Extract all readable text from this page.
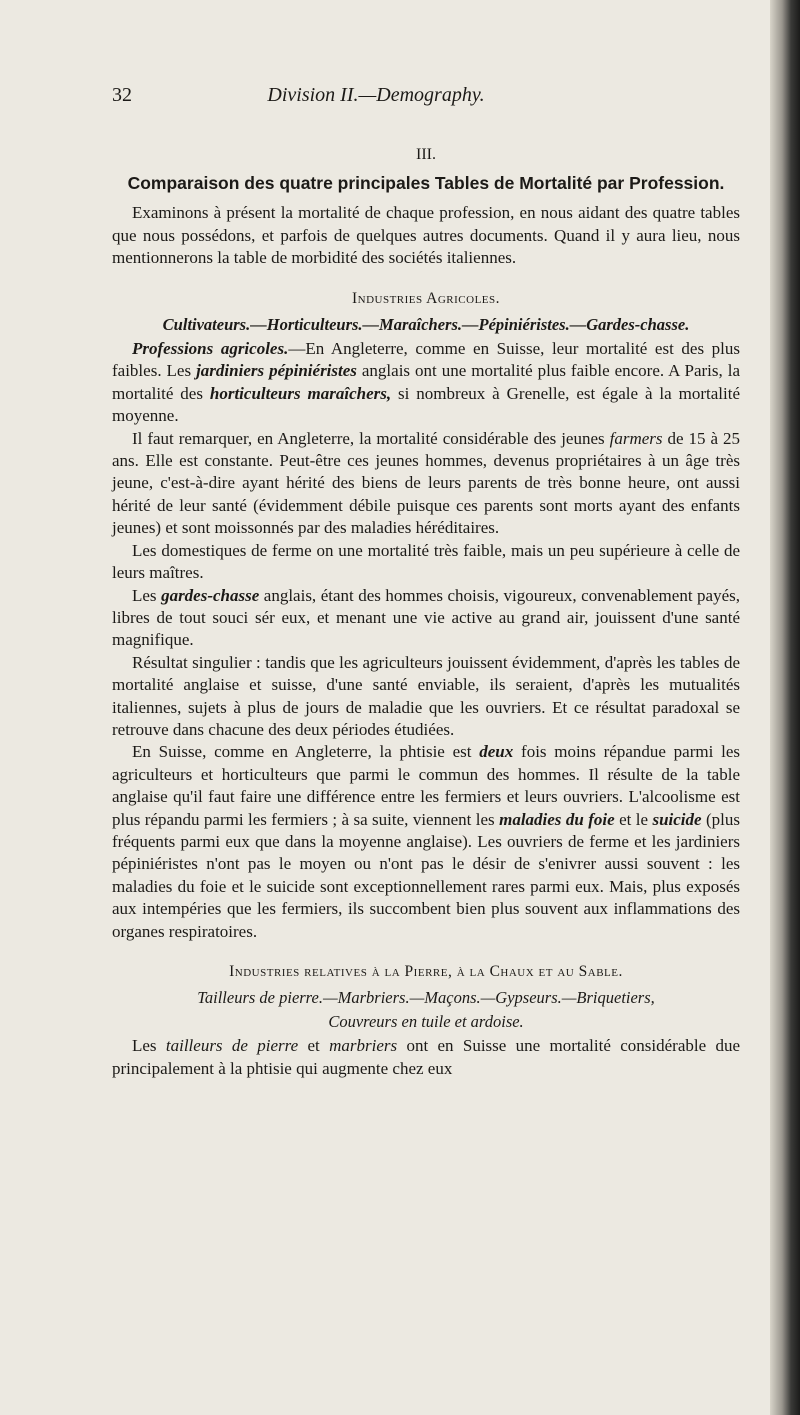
32	Division II.—Demography.
III.
Comparaison des quatre principales Tables de Mortalité par Profession.

Examinons à présent la mortalité de chaque profession, en nous aidant des quatre tables que nous possédons, et parfois de quelques autres documents. Quand il y aura lieu, nous mentionnerons la table de morbidité des sociétés italiennes.

Industries Agricoles.
Cultivateurs.—Horticulteurs.—Maraîchers.—Pépiniéristes.—Gardes-chasse.

Professions agricoles.—En Angleterre, comme en Suisse, leur mortalité est des plus faibles. Les jardiniers pépiniéristes anglais ont une mortalité plus faible encore. A Paris, la mortalité des horticulteurs maraîchers, si nombreux à Grenelle, est égale à la mortalité moyenne.

Il faut remarquer, en Angleterre, la mortalité considérable des jeunes farmers de 15 à 25 ans. Elle est constante. Peut-être ces jeunes hommes, devenus propriétaires à un âge très jeune, c'est-à-dire ayant hérité des biens de leurs parents de très bonne heure, ont aussi hérité de leur santé (évidemment débile puisque ces parents sont morts ayant des enfants jeunes) et sont moissonnés par des maladies héréditaires.

Les domestiques de ferme on une mortalité très faible, mais un peu supérieure à celle de leurs maîtres.

Les gardes-chasse anglais, étant des hommes choisis, vigoureux, convenablement payés, libres de tout souci sér eux, et menant une vie active au grand air, jouissent d'une santé magnifique.

Résultat singulier : tandis que les agriculteurs jouissent évidemment, d'après les tables de mortalité anglaise et suisse, d'une santé enviable, ils seraient, d'après les mutualités italiennes, sujets à plus de jours de maladie que les ouvriers. Et ce résultat paradoxal se retrouve dans chacune des deux périodes étudiées.

En Suisse, comme en Angleterre, la phtisie est deux fois moins répandue parmi les agriculteurs et horticulteurs que parmi le commun des hommes. Il résulte de la table anglaise qu'il faut faire une différence entre les fermiers et leurs ouvriers. L'alcoolisme est plus répandu parmi les fermiers ; à sa suite, viennent les maladies du foie et le suicide (plus fréquents parmi eux que dans la moyenne anglaise). Les ouvriers de ferme et les jardiniers pépiniéristes n'ont pas le moyen ou n'ont pas le désir de s'enivrer aussi souvent : les maladies du foie et le suicide sont exceptionnellement rares parmi eux. Mais, plus exposés aux intempéries que les fermiers, ils succombent bien plus souvent aux inflammations des organes respiratoires.

Industries relatives à la Pierre, à la Chaux et au Sable.
Tailleurs de pierre.—Marbriers.—Maçons.—Gypseurs.—Briquetiers,
Couvreurs en tuile et ardoise.

Les tailleurs de pierre et marbriers ont en Suisse une mortalité considérable due principalement à la phtisie qui augmente chez eux
